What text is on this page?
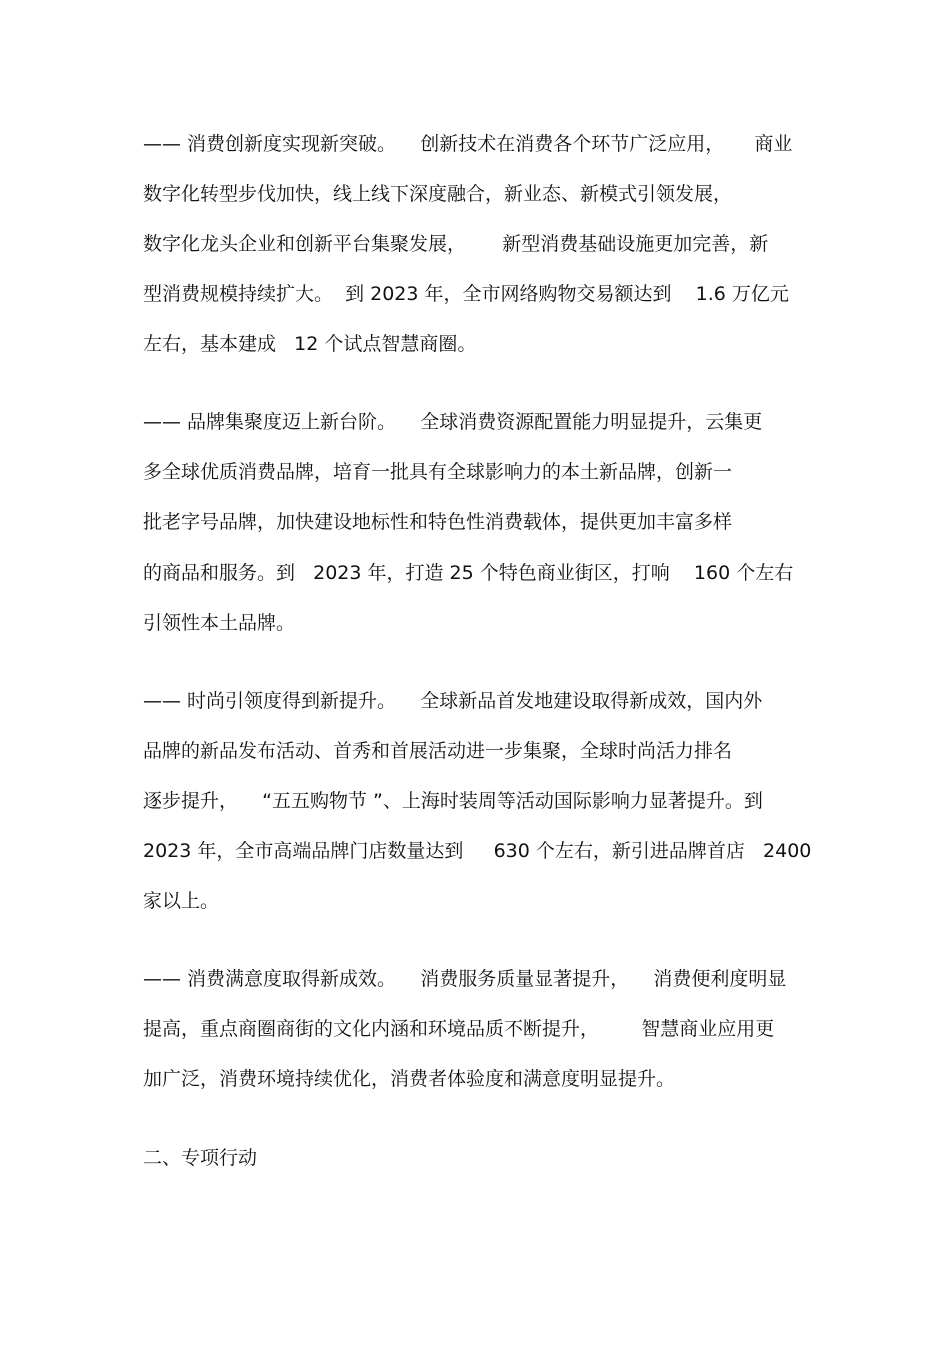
—— 消费创新度实现新突破。    创新技术在消费各个环节广泛应用，     商业
数字化转型步伐加快，线上线下深度融合，新业态、新模式引领发展，
数字化龙头企业和创新平台集聚发展，      新型消费基础设施更加完善，新
型消费规模持续扩大。  到 2023 年，全市网络购物交易额达到    1.6 万亿元
左右，基本建成   12 个试点智慧商圈。
—— 品牌集聚度迈上新台阶。    全球消费资源配置能力明显提升，云集更
多全球优质消费品牌，培育一批具有全球影响力的本土新品牌，创新一
批老字号品牌，加快建设地标性和特色性消费载体，提供更加丰富多样
的商品和服务。到   2023 年，打造 25 个特色商业街区，打响    160 个左右
引领性本土品牌。
—— 时尚引领度得到新提升。    全球新品首发地建设取得新成效，国内外
品牌的新品发布活动、首秀和首展活动进一步集聚，全球时尚活力排名
逐步提升，    “五五购物节 ”、上海时装周等活动国际影响力显著提升。到
2023 年，全市高端品牌门店数量达到     630 个左右，新引进品牌首店   2400
家以上。
—— 消费满意度取得新成效。    消费服务质量显著提升，    消费便利度明显
提高，重点商圈商街的文化内涵和环境品质不断提升，       智慧商业应用更
加广泛，消费环境持续优化，消费者体验度和满意度明显提升。
二、专项行动
